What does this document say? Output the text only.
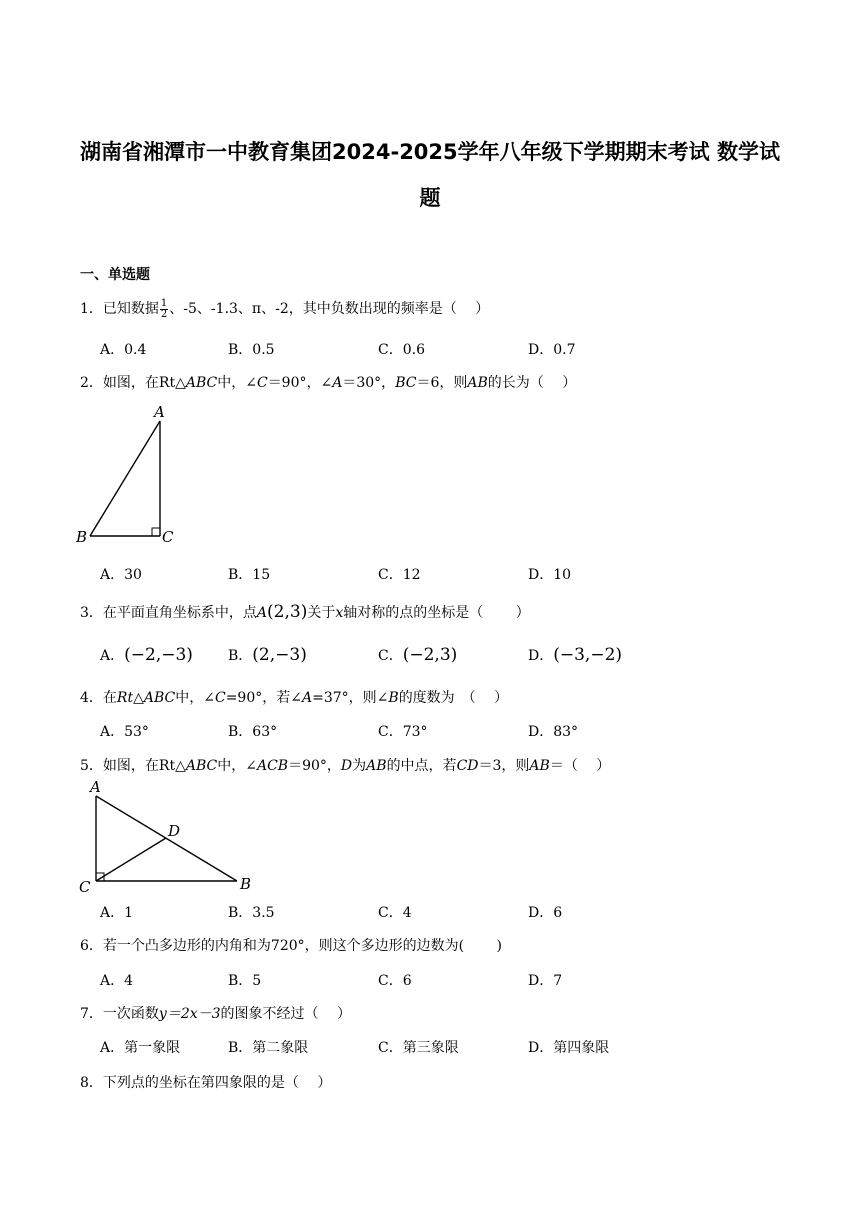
湖南省湘潭市一中教育集团2024-2025学年八年级下学期期末考试 数学试
题
一、单选题
1．已知数据 $\frac{1}{2}$ 、-5、-1.3、π、-2，其中负数出现的频率是（　 ）
A．0.4	B．0.5	C．0.6	D．0.7
2．如图，在Rt△ABC中，∠C＝90°，∠A＝30°，BC＝6，则AB的长为（　 ）
A
B	C
A．30	B．15	C．12	D．10
3．在平面直角坐标系中，点A(2,3)关于x轴对称的点的坐标是（　　 ）
A．(−2,−3)	B．(2,−3)	C．(−2,3)	D．(−3,−2)
4．在Rt△ABC中，∠C=90°，若∠A=37°，则∠B的度数为　（　 ）
A．53°	B．63°	C．73°	D．83°
5．如图，在Rt△ABC中，∠ACB＝90°，D为AB的中点，若CD＝3，则AB＝（　 ）
A
C	B
D
A．1	B．3.5	C．4	D．6
6．若一个凸多边形的内角和为720°，则这个多边形的边数为(　　 )
A．4	B．5	C．6	D．7
7．一次函数y＝2x－3的图象不经过（　 ）
A．第一象限	B．第二象限	C．第三象限	D．第四象限
8．下列点的坐标在第四象限的是（　 ）
